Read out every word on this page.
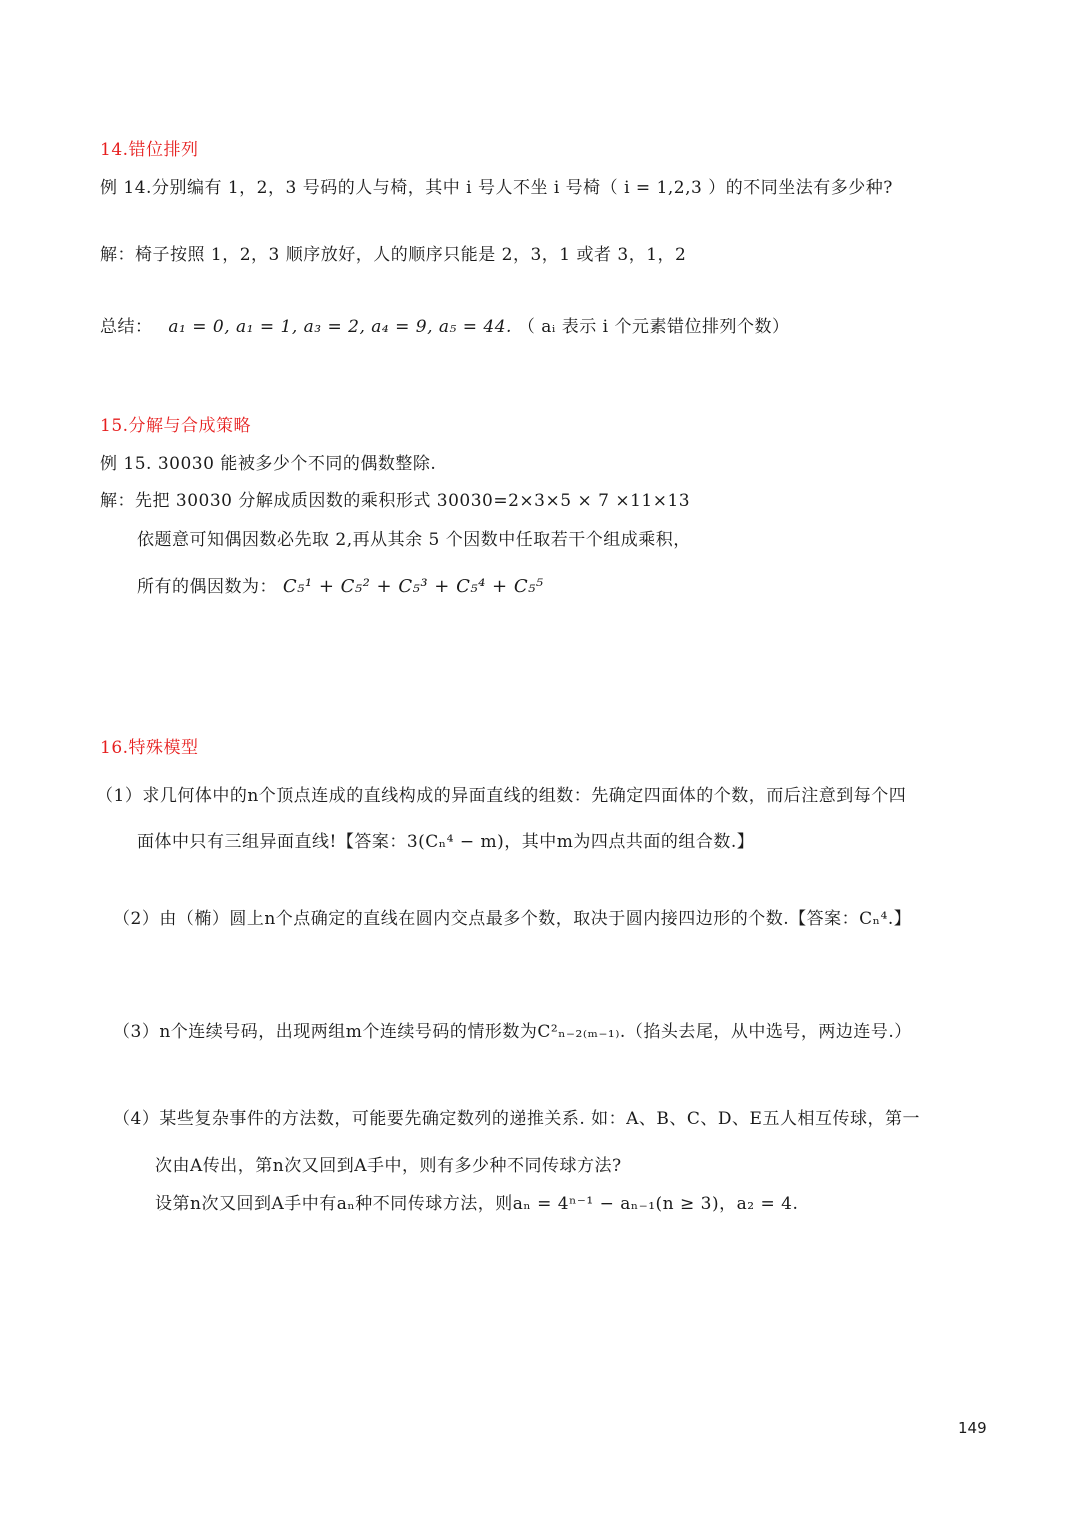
14.错位排列
例 14.分别编有 1，2，3 号码的人与椅，其中 i 号人不坐 i 号椅（ i = 1,2,3 ）的不同坐法有多少种?
解：椅子按照 1，2，3 顺序放好，人的顺序只能是 2，3，1 或者 3，1，2
总结： a₁ = 0, a₁ = 1, a₃ = 2, a₄ = 9, a₅ = 44. （ aᵢ 表示 i 个元素错位排列个数）
15.分解与合成策略
例 15. 30030 能被多少个不同的偶数整除.
解：先把 30030 分解成质因数的乘积形式 30030=2×3×5 × 7 ×11×13
依题意可知偶因数必先取 2,再从其余 5 个因数中任取若干个组成乘积，
所有的偶因数为： C₅¹ + C₅² + C₅³ + C₅⁴ + C₅⁵
16.特殊模型
（1）求几何体中的n个顶点连成的直线构成的异面直线的组数：先确定四面体的个数，而后注意到每个四
面体中只有三组异面直线!【答案：3(Cₙ⁴ − m)，其中m为四点共面的组合数.】
（2）由（椭）圆上n个点确定的直线在圆内交点最多个数，取决于圆内接四边形的个数.【答案：Cₙ⁴.】
（3）n个连续号码，出现两组m个连续号码的情形数为C²ₙ₋₂₍ₘ₋₁₎.（掐头去尾，从中选号，两边连号.）
（4）某些复杂事件的方法数，可能要先确定数列的递推关系. 如：A、B、C、D、E五人相互传球，第一
次由A传出，第n次又回到A手中，则有多少种不同传球方法?
设第n次又回到A手中有aₙ种不同传球方法，则aₙ = 4ⁿ⁻¹ − aₙ₋₁(n ≥ 3)，a₂ = 4.
149
